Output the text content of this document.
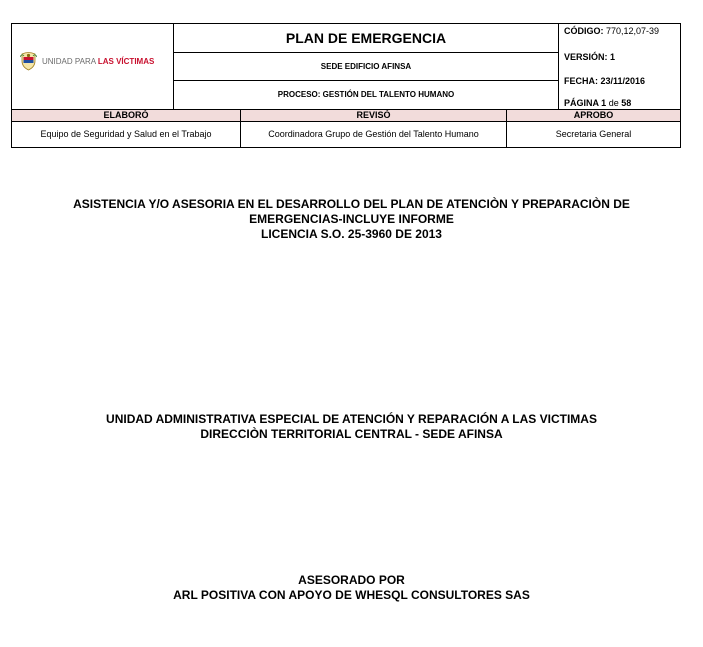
UNIDAD PARA LAS VÍCTIMAS
PLAN DE EMERGENCIA
SEDE EDIFICIO AFINSA
PROCESO: GESTIÓN DEL TALENTO HUMANO
CÓDIGO: 770,12,07-39
VERSIÓN: 1
FECHA: 23/11/2016
PÁGINA 1 de 58
ELABORÓ	REVISÓ	APROBO
Equipo de Seguridad y Salud en el Trabajo	Coordinadora Grupo de Gestión del Talento Humano	Secretaria General
ASISTENCIA Y/O ASESORIA EN EL DESARROLLO DEL PLAN DE ATENCIÒN Y PREPARACIÒN DE
EMERGENCIAS-INCLUYE INFORME
LICENCIA S.O. 25-3960 DE 2013
UNIDAD ADMINISTRATIVA ESPECIAL DE ATENCIÓN Y REPARACIÓN A LAS VICTIMAS
DIRECCIÒN TERRITORIAL CENTRAL - SEDE AFINSA
ASESORADO POR
ARL POSITIVA CON APOYO DE WHESQL CONSULTORES SAS
